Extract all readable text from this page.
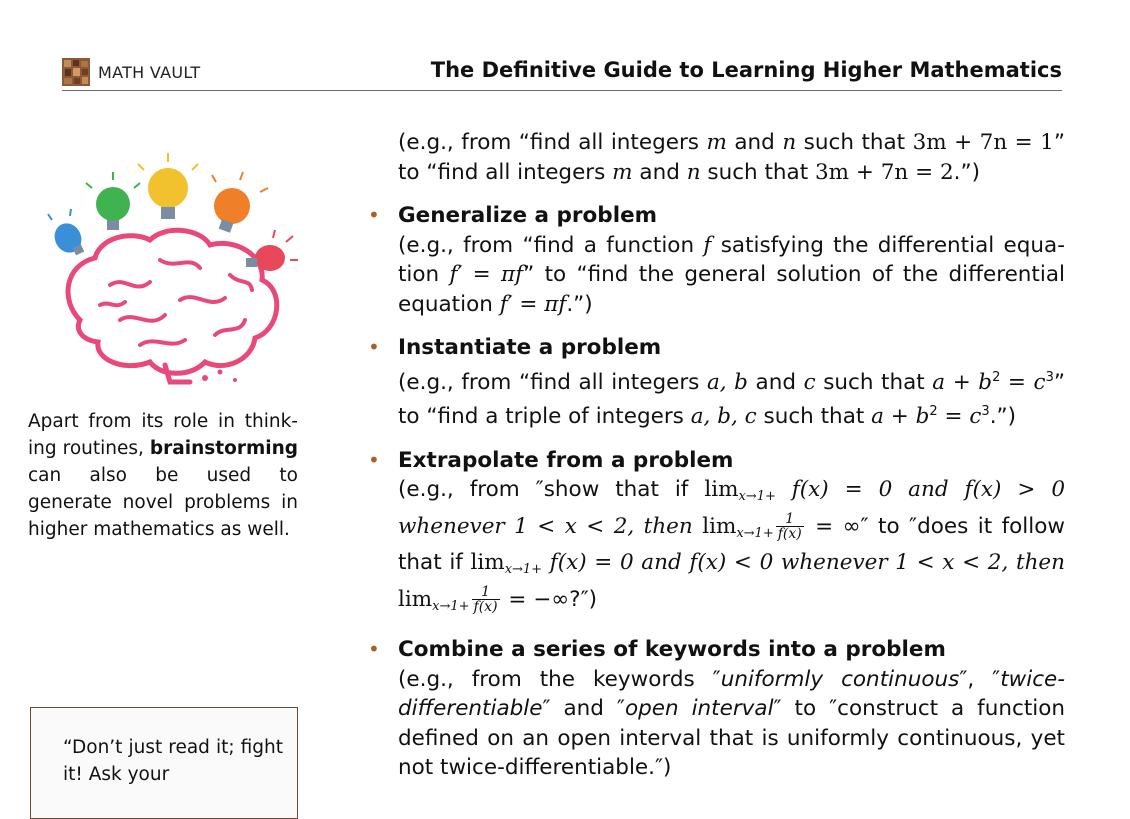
MATH VAULT	The Definitive Guide to Learning Higher Mathematics
Apart from its role in think-ing routines, brainstorming can also be used to generate novel problems in higher mathematics as well.
“Don’t just read it; fight it! Ask your
(e.g., from “find all integers m and n such that 3m + 7n = 1” to “find all integers m and n such that 3m + 7n = 2.”)
• Generalize a problem
(e.g., from “find a function f satisfying the differential equa-tion f′ = πf” to “find the general solution of the differential equation f′ = πf.”)
• Instantiate a problem
(e.g., from “find all integers a, b and c such that $a + b^2 = c^3$” to “find a triple of integers a, b, c such that $a + b^2$ = $c^3$.”)
• Extrapolate from a problem
(e.g., from ″show that if $\lim_{x\to 1+} f(x) = 0$ and f(x) > 0 whenever 1 < x < 2, then $\lim_{x\to 1+} \frac{1}{f(x)}$ = ∞″ to ″does it follow that if $\lim_{x\to 1+} f(x) = 0$ and f(x) < 0 whenever 1 < x < 2, then $\lim_{x\to 1+} \frac{1}{f(x)}$ = −∞?″)
• Combine a series of keywords into a problem
(e.g., from the keywords ″uniformly continuous″, ″twice-differentiable″ and ″open interval″ to ″construct a function defined on an open interval that is uniformly continuous, yet not twice-differentiable.″)
